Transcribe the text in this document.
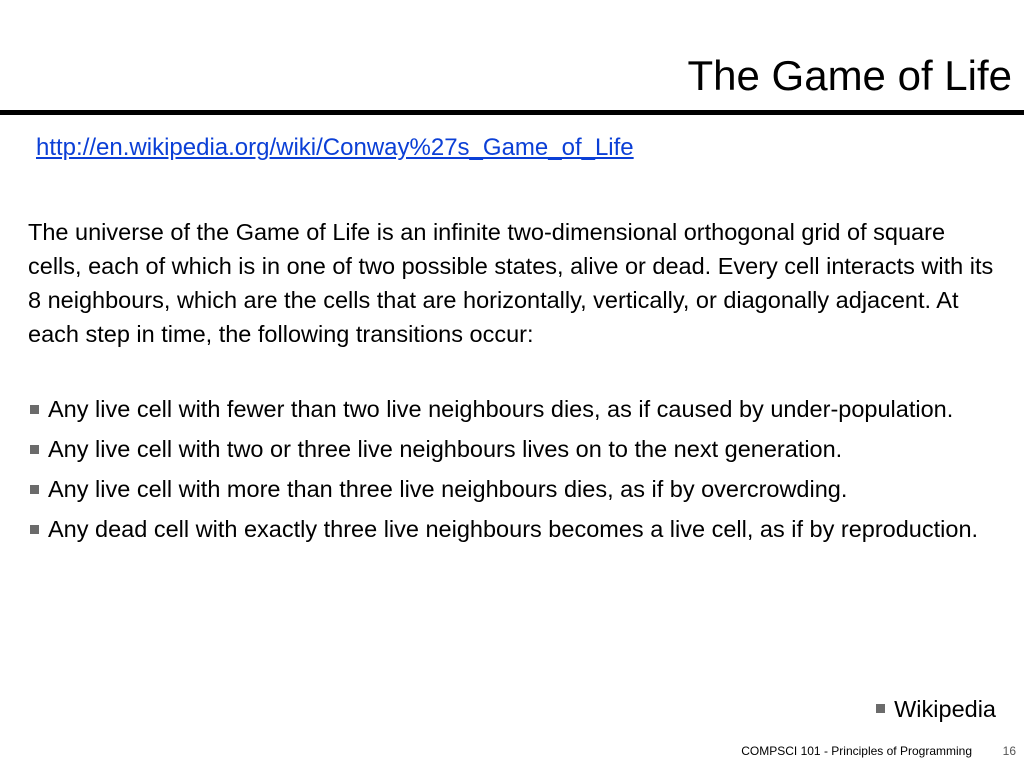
The Game of Life
http://en.wikipedia.org/wiki/Conway%27s_Game_of_Life

The universe of the Game of Life is an infinite two-dimensional orthogonal grid of square cells, each of which is in one of two possible states, alive or dead. Every cell interacts with its 8 neighbours, which are the cells that are horizontally, vertically, or diagonally adjacent. At each step in time, the following transitions occur:

Any live cell with fewer than two live neighbours dies, as if caused by under-population.
Any live cell with two or three live neighbours lives on to the next generation.
Any live cell with more than three live neighbours dies, as if by overcrowding.
Any dead cell with exactly three live neighbours becomes a live cell, as if by reproduction.
Wikipedia
COMPSCI 101 - Principles of Programming	16
